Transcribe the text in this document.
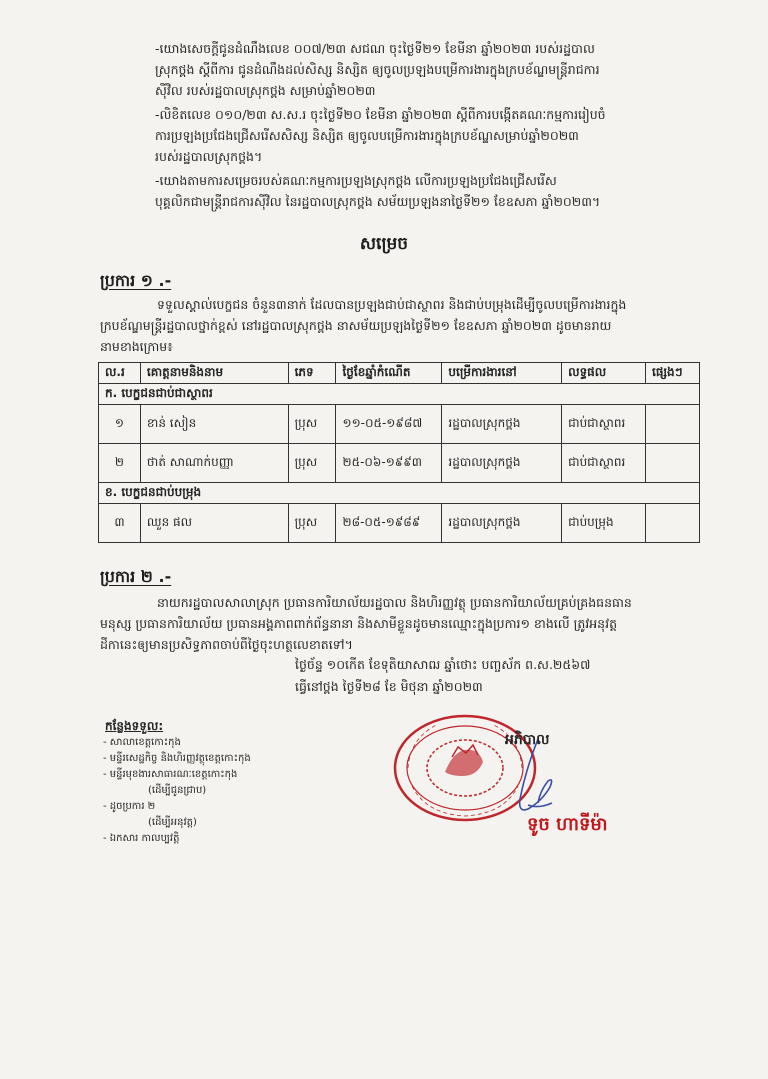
-យោងសេចក្តីជូនដំណឹងលេខ ០០៧/២៣ សជណ ចុះថ្ងៃទី២១ ខែមីនា ឆ្នាំ២០២៣ របស់រដ្ឋបាល
ស្រុកថ្ពង ស្តីពីការ ជូនដំណឹងដល់សិស្ស និស្សិត ឲ្យចូលប្រឡងបម្រើការងារក្នុងក្របខ័ណ្ឌមន្ត្រីរាជការ
ស៊ីវិល របស់រដ្ឋបាលស្រុកថ្ពង សម្រាប់ឆ្នាំ២០២៣
-លិខិតលេខ ០១០/២៣ ស.ស.រ ចុះថ្ងៃទី២០ ខែមីនា ឆ្នាំ២០២៣ ស្តីពីការបង្កើតគណៈកម្មការរៀបចំ
ការប្រឡងប្រជែងជ្រើសរើសសិស្ស និស្សិត ឲ្យចូលបម្រើការងារក្នុងក្របខ័ណ្ឌសម្រាប់ឆ្នាំ២០២៣
របស់រដ្ឋបាលស្រុកថ្ពង។
-យោងតាមការសម្រេចរបស់គណៈកម្មការប្រឡងស្រុកថ្ពង លើការប្រឡងប្រជែងជ្រើសរើស
បុគ្គលិកជាមន្ត្រីរាជការស៊ីវិល នៃរដ្ឋបាលស្រុកថ្ពង សម័យប្រឡងនាថ្ងៃទី២១ ខែឧសភា ឆ្នាំ២០២៣។
សម្រេច
ប្រការ ១ .-
ទទួលស្គាល់បេក្ខជន ចំនួន៣នាក់ ដែលបានប្រឡងជាប់ជាស្ថាពរ និងជាប់បម្រុងដើម្បីចូលបម្រើការងារក្នុង
ក្របខ័ណ្ឌមន្ត្រីរដ្ឋបាលថ្នាក់ខ្ពស់ នៅរដ្ឋបាលស្រុកថ្ពង នាសម័យប្រឡងថ្ងៃទី២១ ខែឧសភា ឆ្នាំ២០២៣ ដូចមានរាយ
នាមខាងក្រោម៖
ល.រ	គោត្តនាមនិងនាម	ភេទ	ថ្ងៃខែឆ្នាំកំណើត	បម្រើការងារនៅ	លទ្ធផល	ផ្សេងៗ
ក. បេក្ខជនជាប់ជាស្ថាពរ						
១	ខាន់ សៀន	ប្រុស	១១-០៥-១៩៨៧	រដ្ឋបាលស្រុកថ្ពង	ជាប់ជាស្ថាពរ	
២	ថាត់ សាណាក់បញ្ញា	ប្រុស	២៥-០៦-១៩៩៣	រដ្ឋបាលស្រុកថ្ពង	ជាប់ជាស្ថាពរ	
ខ. បេក្ខជនជាប់បម្រុង						
៣	ឈួន ផល	ប្រុស	២៨-០៥-១៩៨៩	រដ្ឋបាលស្រុកថ្ពង	ជាប់បម្រុង	
ប្រការ ២ .-
នាយករដ្ឋបាលសាលាស្រុក ប្រធានការិយាល័យរដ្ឋបាល និងហិរញ្ញវត្ថុ ប្រធានការិយាល័យគ្រប់គ្រងធនធាន
មនុស្ស ប្រធានការិយាល័យ ប្រធានអង្គភាពពាក់ព័ន្ធនានា និងសាមីខ្លួនដូចមានឈ្មោះក្នុងប្រការ១ ខាងលើ ត្រូវអនុវត្ត
ដីកានេះឲ្យមានប្រសិទ្ធភាពចាប់ពីថ្ងៃចុះហត្ថលេខាតទៅ។
ថ្ងៃច័ន្ទ ១០កើត ខែទុតិយាសាឍ ឆ្នាំថោះ បញ្ចស័ក ព.ស.២៥៦៧
ធ្វើនៅថ្ពង ថ្ងៃទី២៨ ខែ មិថុនា ឆ្នាំ២០២៣
អភិបាល
ទូច ហាទីម៉ា
កន្លែងទទួល:
- សាលាខេត្តកោះកុង
- មន្ទីរសេដ្ឋកិច្ច និងហិរញ្ញវត្ថុខេត្តកោះកុង
- មន្ទីរមុខងារសាធារណៈខេត្តកោះកុង
(ដើម្បីជូនជ្រាប)
- ដូចប្រការ ២
(ដើម្បីអនុវត្ត)
- ឯកសារ កាលប្បវត្តិ
